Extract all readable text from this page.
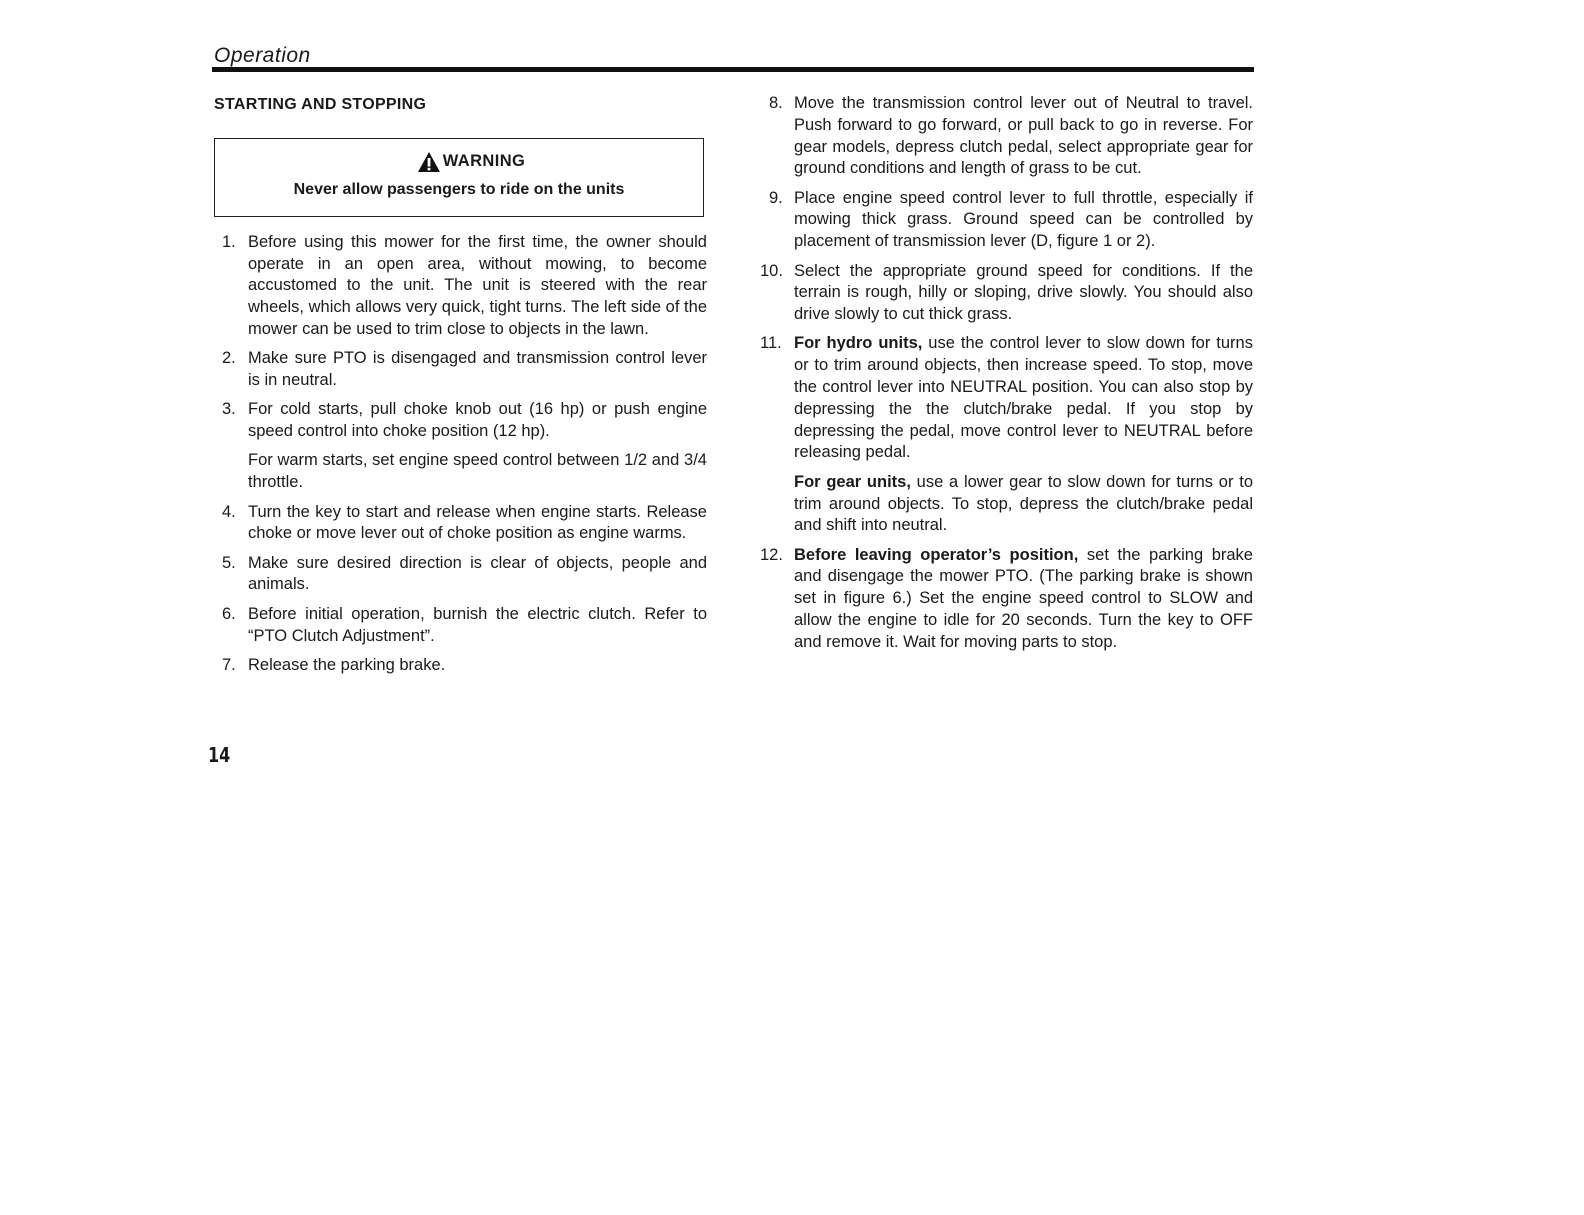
Operation
STARTING AND STOPPING
WARNING
Never allow passengers to ride on the units
1. Before using this mower for the first time, the owner should operate in an open area, without mowing, to become accustomed to the unit. The unit is steered with the rear wheels, which allows very quick, tight turns. The left side of the mower can be used to trim close to objects in the lawn.
2. Make sure PTO is disengaged and transmission control lever is in neutral.
3. For cold starts, pull choke knob out (16 hp) or push engine speed control into choke position (12 hp).
For warm starts, set engine speed control between 1/2 and 3/4 throttle.
4. Turn the key to start and release when engine starts. Release choke or move lever out of choke position as engine warms.
5. Make sure desired direction is clear of objects, people and animals.
6. Before initial operation, burnish the electric clutch. Refer to “PTO Clutch Adjustment”.
7. Release the parking brake.
8. Move the transmission control lever out of Neutral to travel. Push forward to go forward, or pull back to go in reverse. For gear models, depress clutch pedal, select appropriate gear for ground conditions and length of grass to be cut.
9. Place engine speed control lever to full throttle, especially if mowing thick grass. Ground speed can be controlled by placement of transmission lever (D, figure 1 or 2).
10. Select the appropriate ground speed for conditions. If the terrain is rough, hilly or sloping, drive slowly. You should also drive slowly to cut thick grass.
11. For hydro units, use the control lever to slow down for turns or to trim around objects, then increase speed. To stop, move the control lever into NEUTRAL position. You can also stop by depressing the the clutch/brake pedal. If you stop by depressing the pedal, move control lever to NEUTRAL before releasing pedal.
For gear units, use a lower gear to slow down for turns or to trim around objects. To stop, depress the clutch/brake pedal and shift into neutral.
12. Before leaving operator’s position, set the parking brake and disengage the mower PTO. (The parking brake is shown set in figure 6.) Set the engine speed control to SLOW and allow the engine to idle for 20 seconds. Turn the key to OFF and remove it. Wait for moving parts to stop.
14
